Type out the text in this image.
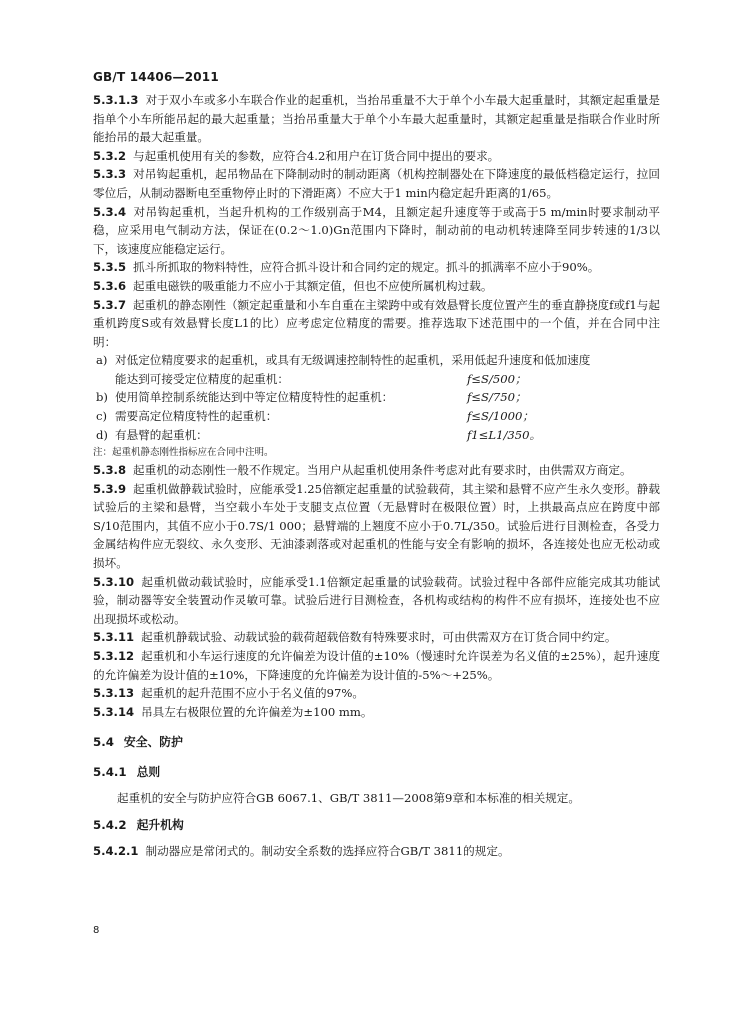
GB/T 14406—2011

5.3.1.3 对于双小车或多小车联合作业的起重机，当抬吊重量不大于单个小车最大起重量时，其额定起重量是指单个小车所能吊起的最大起重量；当抬吊重量大于单个小车最大起重量时，其额定起重量是指联合作业时所能抬吊的最大起重量。

5.3.2 与起重机使用有关的参数，应符合4.2和用户在订货合同中提出的要求。

5.3.3 对吊钩起重机，起吊物品在下降制动时的制动距离（机构控制器处在下降速度的最低档稳定运行，拉回零位后，从制动器断电至重物停止时的下滑距离）不应大于1 min内稳定起升距离的1/65。

5.3.4 对吊钩起重机，当起升机构的工作级别高于M4，且额定起升速度等于或高于5 m/min时要求制动平稳，应采用电气制动方法，保证在(0.2～1.0)Gn范围内下降时，制动前的电动机转速降至同步转速的1/3以下，该速度应能稳定运行。

5.3.5 抓斗所抓取的物料特性，应符合抓斗设计和合同约定的规定。抓斗的抓满率不应小于90%。

5.3.6 起重电磁铁的吸重能力不应小于其额定值，但也不应使所属机构过载。

5.3.7 起重机的静态刚性（额定起重量和小车自重在主梁跨中或有效悬臂长度位置产生的垂直静挠度f或f1与起重机跨度S或有效悬臂长度L1的比）应考虑定位精度的需要。推荐选取下述范围中的一个值，并在合同中注明：

a) 对低定位精度要求的起重机，或具有无级调速控制特性的起重机，采用低起升速度和低加速度
能达到可接受定位精度的起重机：	f≤S/500；
b) 使用简单控制系统能达到中等定位精度特性的起重机：	f≤S/750；
c) 需要高定位精度特性的起重机：	f≤S/1000；
d) 有悬臂的起重机：	f1≤L1/350。

注：起重机静态刚性指标应在合同中注明。

5.3.8 起重机的动态刚性一般不作规定。当用户从起重机使用条件考虑对此有要求时，由供需双方商定。

5.3.9 起重机做静载试验时，应能承受1.25倍额定起重量的试验载荷，其主梁和悬臂不应产生永久变形。静载试验后的主梁和悬臂，当空载小车处于支腿支点位置（无悬臂时在极限位置）时，上拱最高点应在跨度中部S/10范围内，其值不应小于0.7S/1 000；悬臂端的上翘度不应小于0.7L/350。试验后进行目测检查，各受力金属结构件应无裂纹、永久变形、无油漆剥落或对起重机的性能与安全有影响的损坏，各连接处也应无松动或损坏。

5.3.10 起重机做动载试验时，应能承受1.1倍额定起重量的试验载荷。试验过程中各部件应能完成其功能试验，制动器等安全装置动作灵敏可靠。试验后进行目测检查，各机构或结构的构件不应有损坏，连接处也不应出现损坏或松动。

5.3.11 起重机静载试验、动载试验的载荷超载倍数有特殊要求时，可由供需双方在订货合同中约定。

5.3.12 起重机和小车运行速度的允许偏差为设计值的±10%（慢速时允许误差为名义值的±25%），起升速度的允许偏差为设计值的±10%，下降速度的允许偏差为设计值的-5%～+25%。

5.3.13 起重机的起升范围不应小于名义值的97%。

5.3.14 吊具左右极限位置的允许偏差为±100 mm。

5.4 安全、防护
5.4.1 总则

起重机的安全与防护应符合GB 6067.1、GB/T 3811—2008第9章和本标准的相关规定。

5.4.2 起升机构

5.4.2.1 制动器应是常闭式的。制动安全系数的选择应符合GB/T 3811的规定。

8
